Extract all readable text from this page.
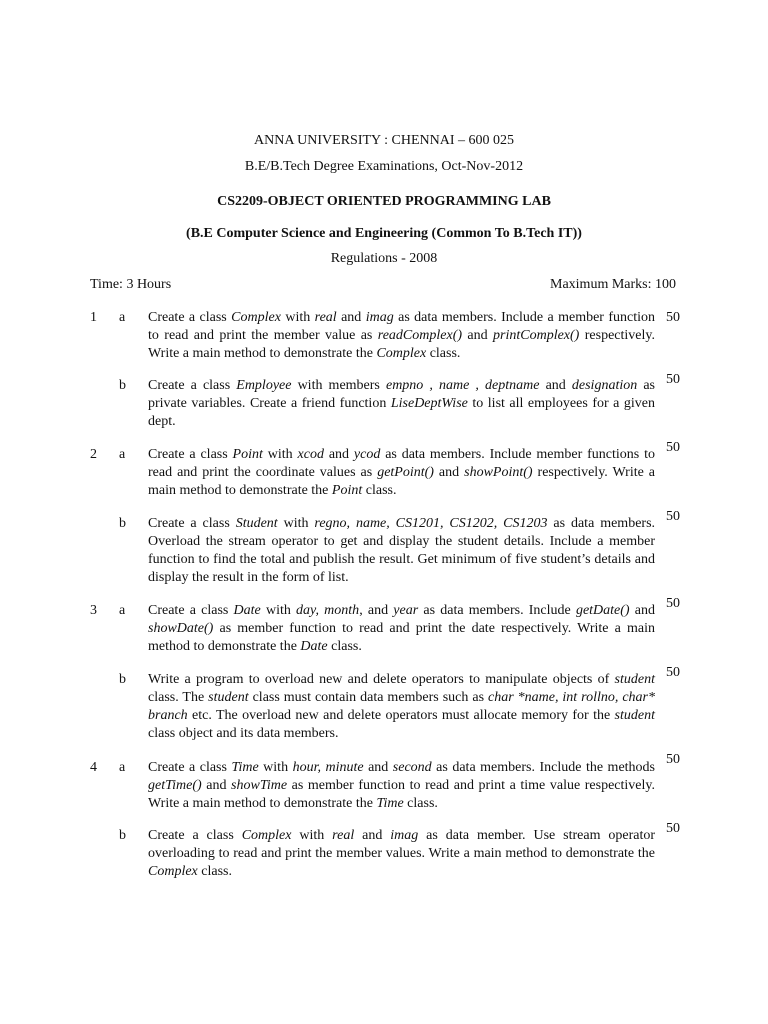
ANNA UNIVERSITY : CHENNAI – 600 025
B.E/B.Tech Degree Examinations, Oct-Nov-2012
CS2209-OBJECT ORIENTED PROGRAMMING LAB
(B.E Computer Science and Engineering (Common To B.Tech IT))
Regulations - 2008
Time: 3 Hours	Maximum Marks: 100
1 a Create a class Complex with real and imag as data members. Include a member function to read and print the member value as readComplex() and printComplex() respectively. Write a main method to demonstrate the Complex class.
50
b Create a class Employee with members empno , name , deptname and designation as private variables. Create a friend function LiseDeptWise to list all employees for a given dept.
50
2 a Create a class Point with xcod and ycod as data members. Include member functions to read and print the coordinate values as getPoint() and showPoint() respectively. Write a main method to demonstrate the Point class.
50
b Create a class Student with regno, name, CS1201, CS1202, CS1203 as data members. Overload the stream operator to get and display the student details. Include a member function to find the total and publish the result. Get minimum of five student’s details and display the result in the form of list.
50
3 a Create a class Date with day, month, and year as data members. Include getDate() and showDate() as member function to read and print the date respectively. Write a main method to demonstrate the Date class.
50
b Write a program to overload new and delete operators to manipulate objects of student class. The student class must contain data members such as char *name, int rollno, char* branch etc. The overload new and delete operators must allocate memory for the student class object and its data members.
50
4 a Create a class Time with hour, minute and second as data members. Include the methods getTime() and showTime as member function to read and print a time value respectively. Write a main method to demonstrate the Time class.
50
b Create a class Complex with real and imag as data member. Use stream operator overloading to read and print the member values. Write a main method to demonstrate the Complex class.
50
